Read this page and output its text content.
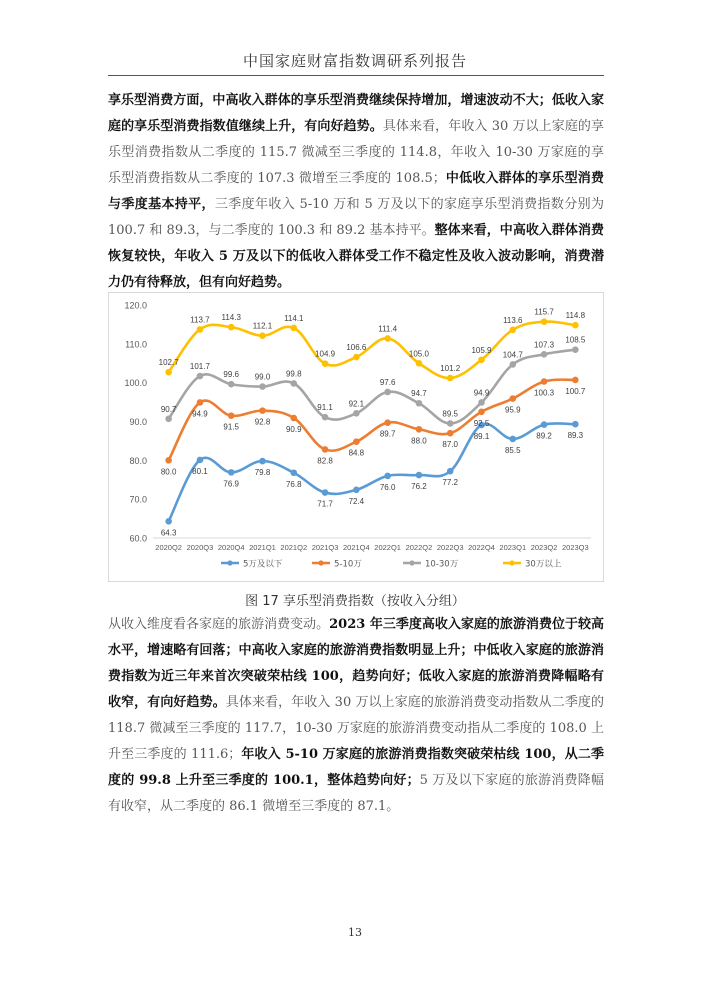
中国家庭财富指数调研系列报告
享乐型消费方面，中高收入群体的享乐型消费继续保持增加，增速波动不大；低收入家庭的享乐型消费指数值继续上升，有向好趋势。具体来看，年收入 30 万以上家庭的享乐型消费指数从二季度的 115.7 微减至三季度的 114.8，年收入 10-30 万家庭的享乐型消费指数从二季度的 107.3 微增至三季度的 108.5；中低收入群体的享乐型消费与季度基本持平，三季度年收入 5-10 万和 5 万及以下的家庭享乐型消费指数分别为 100.7 和 89.3，与二季度的 100.3 和 89.2 基本持平。整体来看，中高收入群体消费恢复较快，年收入 5 万及以下的低收入群体受工作不稳定性及收入波动影响，消费潜力仍有待释放，但有向好趋势。
60.0
70.0
80.0
90.0
100.0
110.0
120.0
2020Q2 2020Q3 2020Q4 2021Q1 2021Q2 2021Q3 2021Q4 2022Q1 2022Q2 2022Q3 2022Q4 2023Q1 2023Q2 2023Q3
64.3
80.1
76.9
79.8
76.8
71.7 72.4
76.0 76.2 77.2
89.1
85.5
89.2 89.3
80.0
94.9
91.5
92.8
90.9
82.8
84.8
89.7
88.0 87.0
92.5
95.9
100.3 100.7
90.7
101.7
99.6 99.0 99.8
91.1 92.1
97.6
94.7
89.5
94.9
104.7
107.3
108.5
102.7
113.7 114.3
112.1
114.1
104.9
106.6
111.4
105.0
101.2
105.9
113.6
115.7 114.8
5万及以下	5-10万	10-30万	30万以上
图 17 享乐型消费指数（按收入分组）
从收入维度看各家庭的旅游消费变动。2023 年三季度高收入家庭的旅游消费位于较高水平，增速略有回落；中高收入家庭的旅游消费指数明显上升；中低收入家庭的旅游消费指数为近三年来首次突破荣枯线 100，趋势向好；低收入家庭的旅游消费降幅略有收窄，有向好趋势。具体来看，年收入 30 万以上家庭的旅游消费变动指数从二季度的 118.7 微减至三季度的 117.7，10-30 万家庭的旅游消费变动指从二季度的 108.0 上升至三季度的 111.6；年收入 5-10 万家庭的旅游消费指数突破荣枯线 100，从二季度的 99.8 上升至三季度的 100.1，整体趋势向好；5 万及以下家庭的旅游消费降幅有收窄，从二季度的 86.1 微增至三季度的 87.1。
13
